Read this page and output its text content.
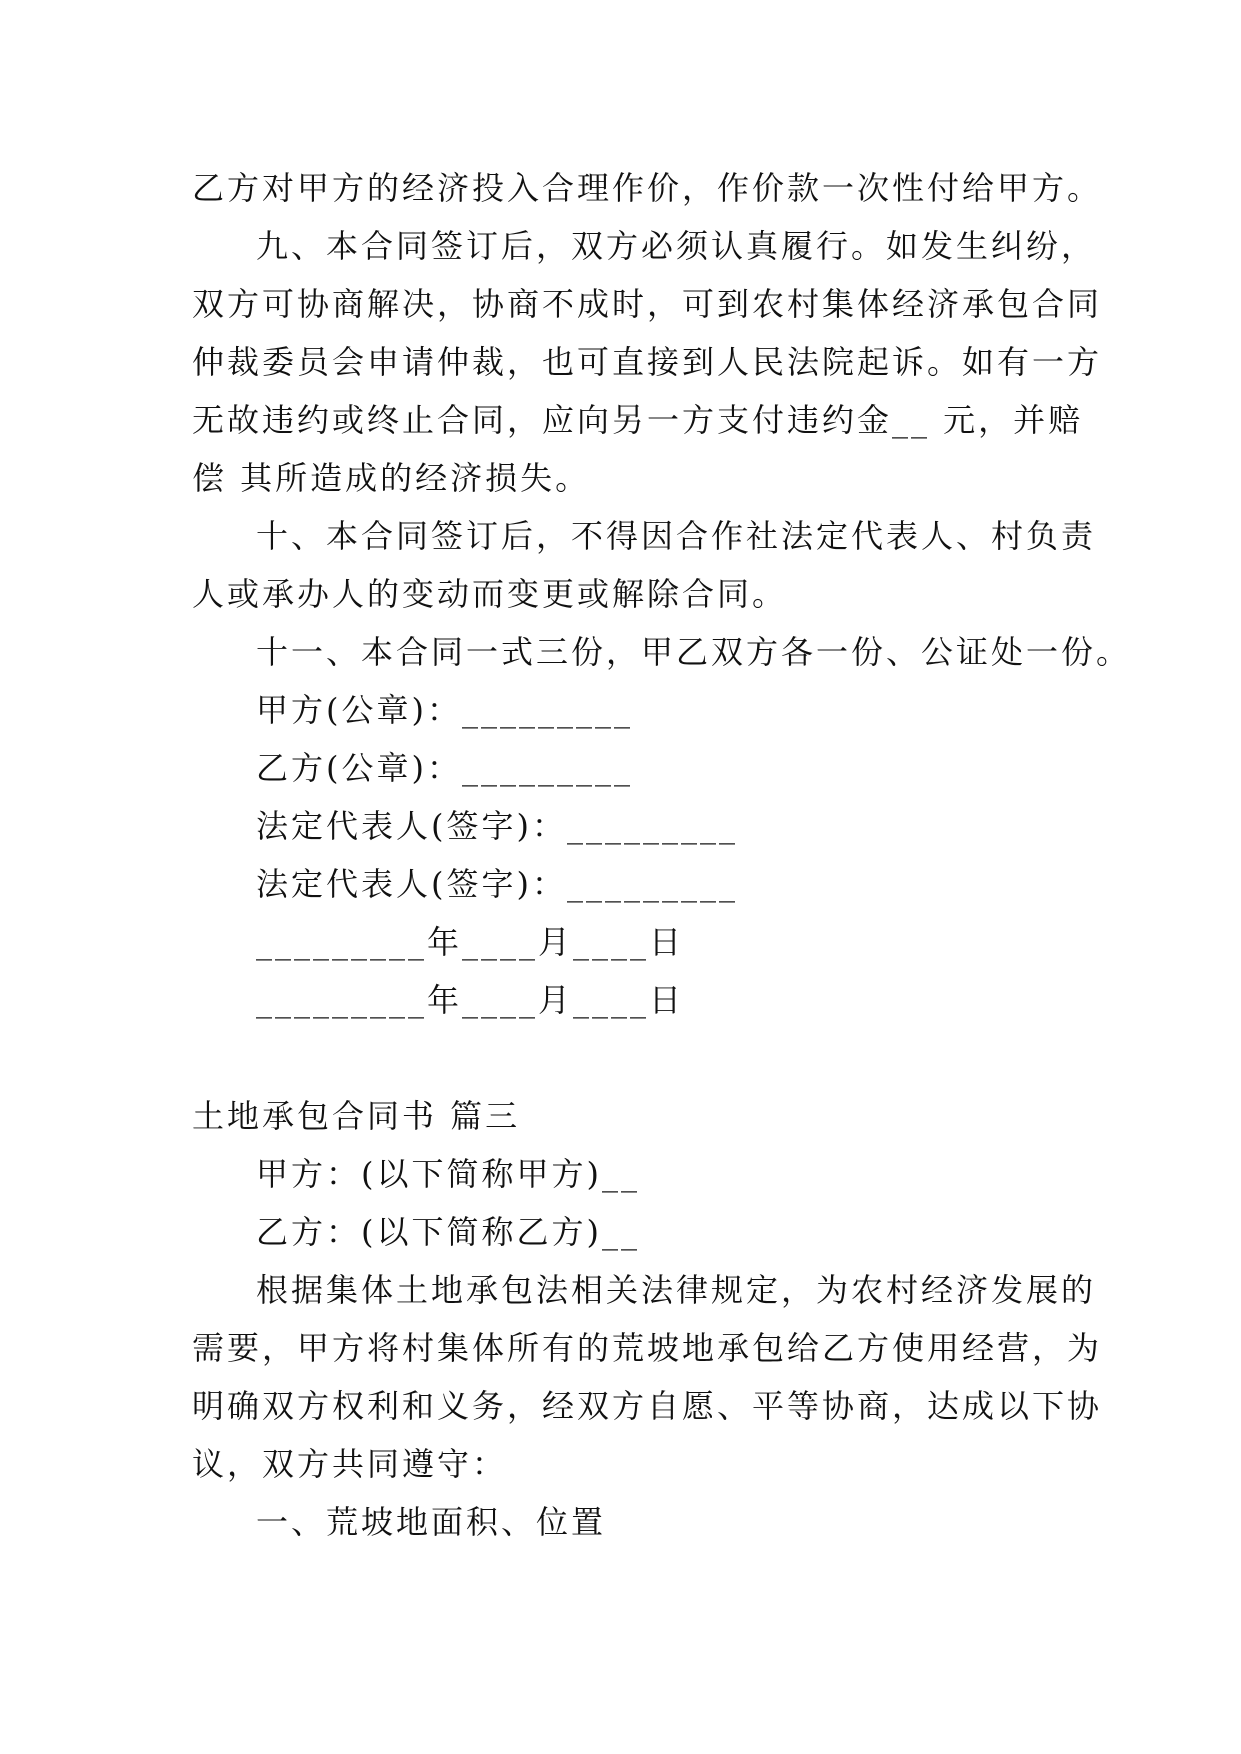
乙方对甲方的经济投入合理作价，作价款一次性付给甲方。
九、本合同签订后，双方必须认真履行。如发生纠纷，
双方可协商解决，协商不成时，可到农村集体经济承包合同
仲裁委员会申请仲裁，也可直接到人民法院起诉。如有一方
无故违约或终止合同，应向另一方支付违约金__ 元，并赔
偿 其所造成的经济损失。
十、本合同签订后，不得因合作社法定代表人、村负责
人或承办人的变动而变更或解除合同。
十一、本合同一式三份，甲乙双方各一份、公证处一份。
甲方(公章)：_________
乙方(公章)：_________
法定代表人(签字)：_________
法定代表人(签字)：_________
_________年____月____日
_________年____月____日
土地承包合同书 篇三
甲方：(以下简称甲方)__
乙方：(以下简称乙方)__
根据集体土地承包法相关法律规定，为农村经济发展的
需要，甲方将村集体所有的荒坡地承包给乙方使用经营，为
明确双方权利和义务，经双方自愿、平等协商，达成以下协
议，双方共同遵守：
一、荒坡地面积、位置
